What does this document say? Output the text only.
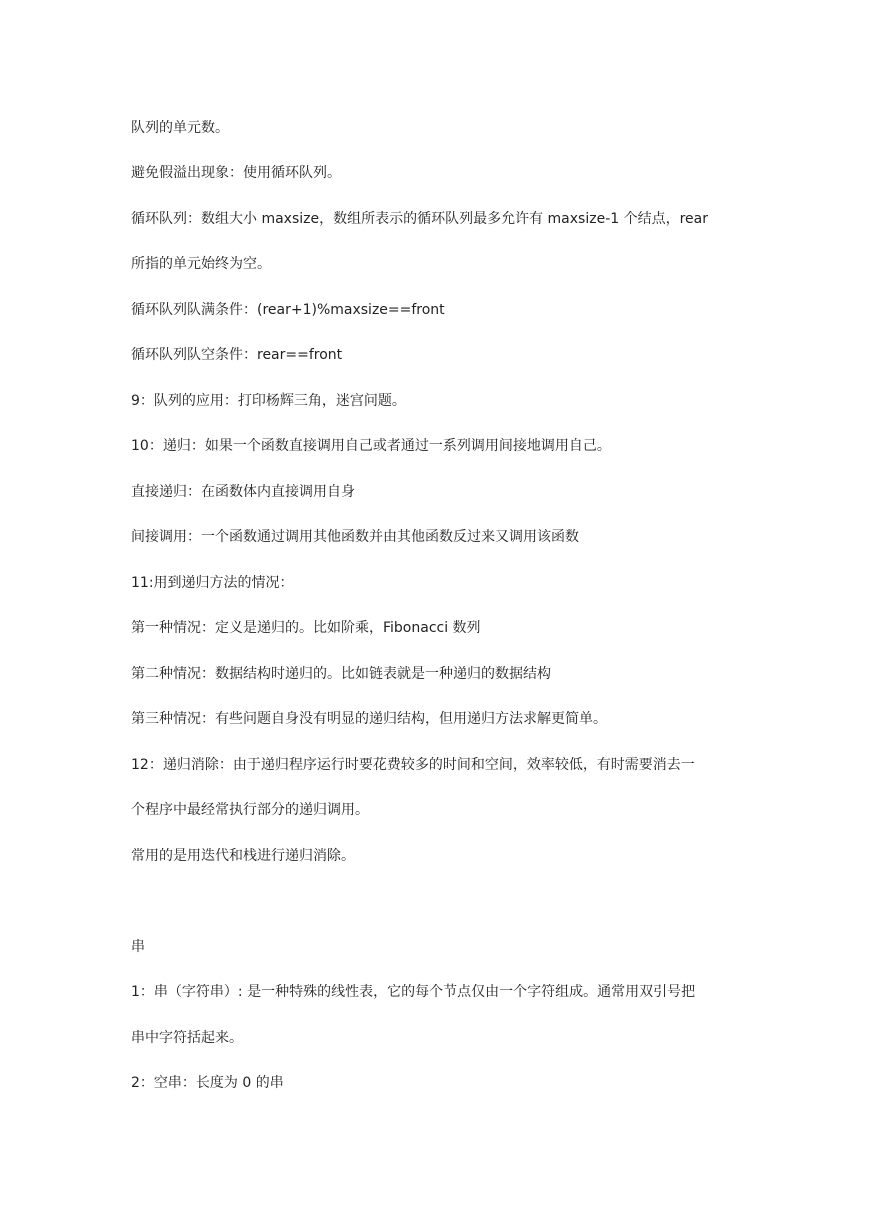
队列的单元数。
避免假溢出现象：使用循环队列。
循环队列：数组大小 maxsize，数组所表示的循环队列最多允许有 maxsize-1 个结点，rear
所指的单元始终为空。
循环队列队满条件：(rear+1)%maxsize==front
循环队列队空条件：rear==front
9：队列的应用：打印杨辉三角，迷宫问题。
10：递归：如果一个函数直接调用自己或者通过一系列调用间接地调用自己。
直接递归：在函数体内直接调用自身
间接调用：一个函数通过调用其他函数并由其他函数反过来又调用该函数
11:用到递归方法的情况：
第一种情况：定义是递归的。比如阶乘，Fibonacci 数列
第二种情况：数据结构时递归的。比如链表就是一种递归的数据结构
第三种情况：有些问题自身没有明显的递归结构，但用递归方法求解更简单。
12：递归消除：由于递归程序运行时要花费较多的时间和空间，效率较低，有时需要消去一
个程序中最经常执行部分的递归调用。
常用的是用迭代和栈进行递归消除。
串
1：串（字符串）: 是一种特殊的线性表，它的每个节点仅由一个字符组成。通常用双引号把
串中字符括起来。
2：空串：长度为 0 的串
